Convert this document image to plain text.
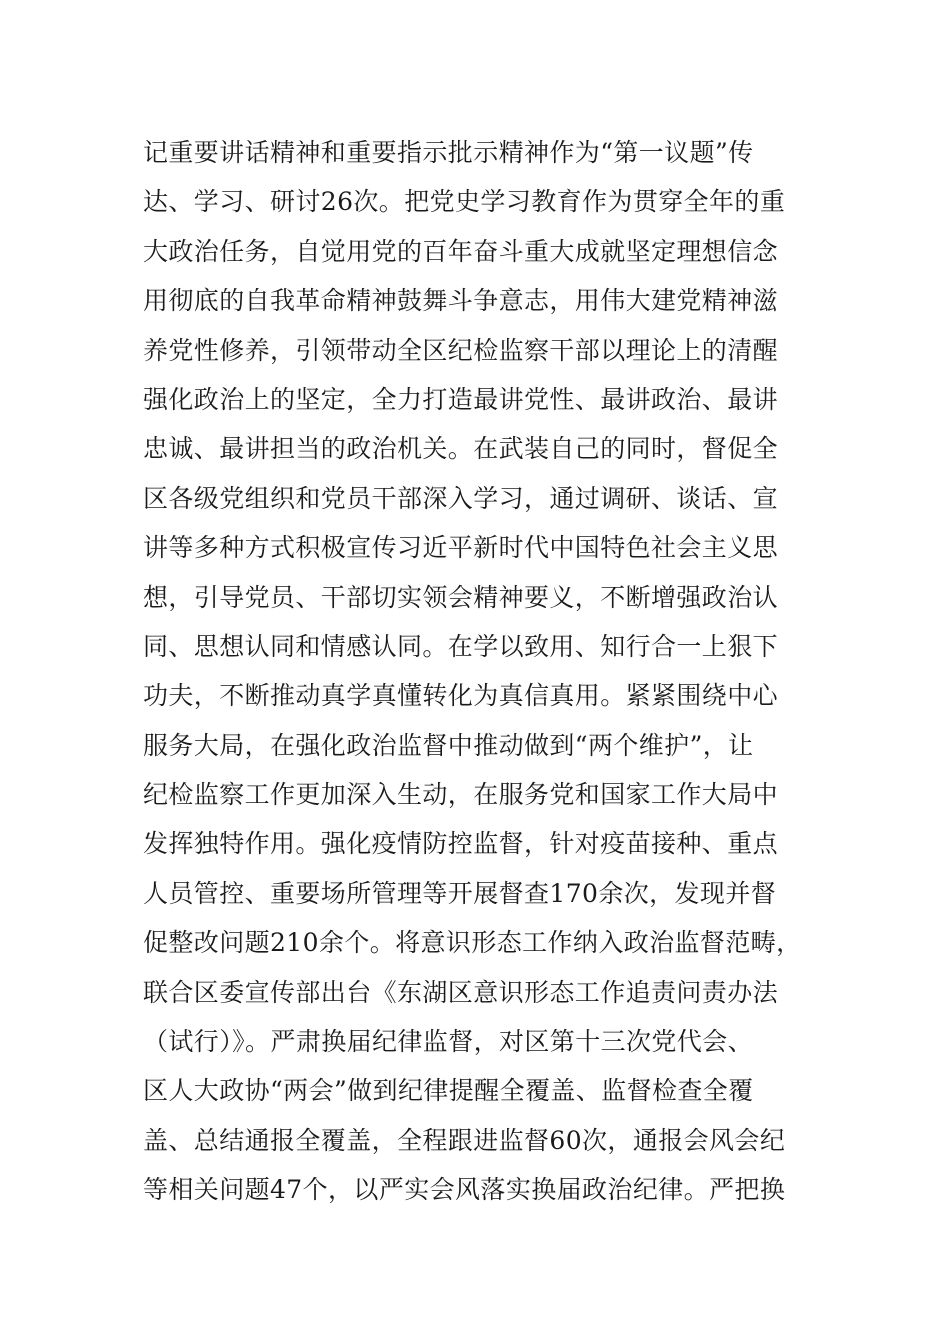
记重要讲话精神和重要指示批示精神作为“第一议题”传
达、学习、研讨26次。把党史学习教育作为贯穿全年的重
大政治任务，自觉用党的百年奋斗重大成就坚定理想信念
用彻底的自我革命精神鼓舞斗争意志，用伟大建党精神滋
养党性修养，引领带动全区纪检监察干部以理论上的清醒
强化政治上的坚定，全力打造最讲党性、最讲政治、最讲
忠诚、最讲担当的政治机关。在武装自己的同时，督促全
区各级党组织和党员干部深入学习，通过调研、谈话、宣
讲等多种方式积极宣传习近平新时代中国特色社会主义思
想，引导党员、干部切实领会精神要义，不断增强政治认
同、思想认同和情感认同。在学以致用、知行合一上狠下
功夫，不断推动真学真懂转化为真信真用。紧紧围绕中心
服务大局，在强化政治监督中推动做到“两个维护”，让
纪检监察工作更加深入生动，在服务党和国家工作大局中
发挥独特作用。强化疫情防控监督，针对疫苗接种、重点
人员管控、重要场所管理等开展督查170余次，发现并督
促整改问题210余个。将意识形态工作纳入政治监督范畴，
联合区委宣传部出台《东湖区意识形态工作追责问责办法
（试行）》。严肃换届纪律监督，对区第十三次党代会、
区人大政协“两会”做到纪律提醒全覆盖、监督检查全覆
盖、总结通报全覆盖，全程跟进监督60次，通报会风会纪
等相关问题47个，以严实会风落实换届政治纪律。严把换
